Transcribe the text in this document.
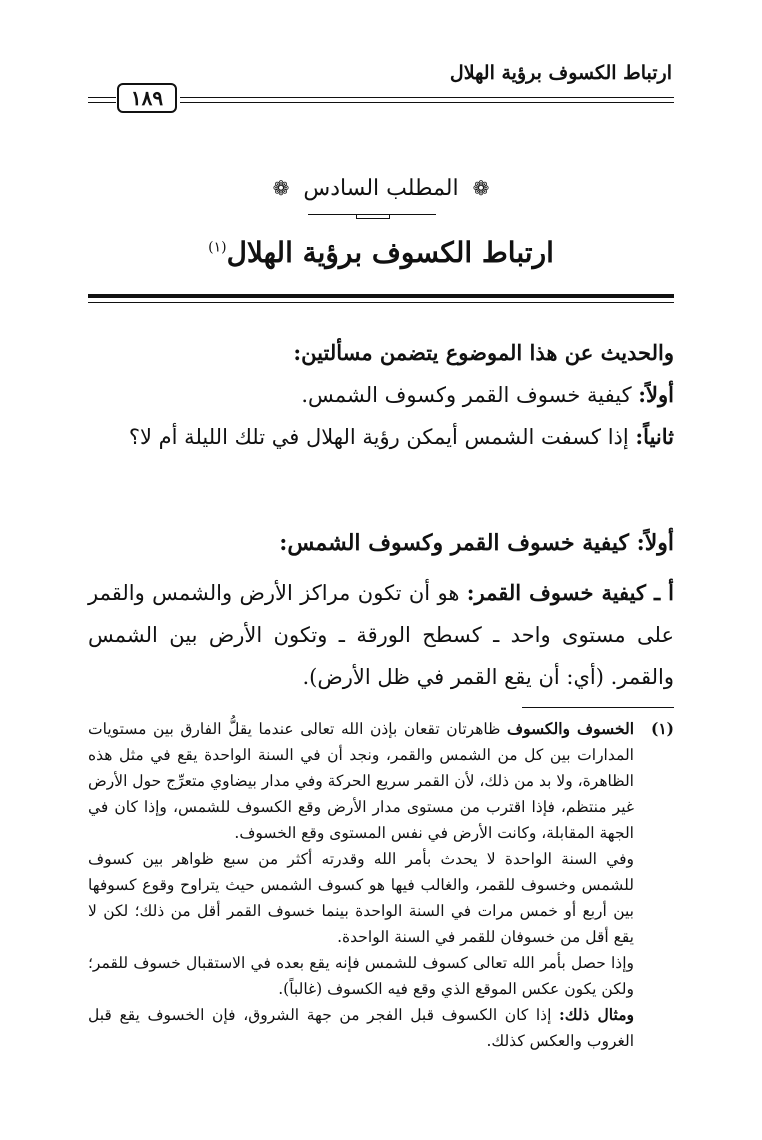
ارتباط الكسوف برؤية الهلال
١٨٩
❁المطلب السادس❁
ارتباط الكسوف برؤية الهلال$^{(١)}$
والحديث عن هذا الموضوع يتضمن مسألتين:
أولاً: كيفية خسوف القمر وكسوف الشمس.
ثانياً: إذا كسفت الشمس أيمكن رؤية الهلال في تلك الليلة أم لا؟
أولاً: كيفية خسوف القمر وكسوف الشمس:
أ ـ كيفية خسوف القمر: هو أن تكون مراكز الأرض والشمس والقمر على مستوى واحد ـ كسطح الورقة ـ وتكون الأرض بين الشمس والقمر. (أي: أن يقع القمر في ظل الأرض).
(١)

الخسوف والكسوف ظاهرتان تقعان بإذن الله تعالى عندما يقلُّ الفارق بين مستويات المدارات بين كل من الشمس والقمر، ونجد أن في السنة الواحدة يقع في مثل هذه الظاهرة، ولا بد من ذلك، لأن القمر سريع الحركة وفي مدار بيضاوي متعرِّج حول الأرض غير منتظم، فإذا اقترب من مستوى مدار الأرض وقع الكسوف للشمس، وإذا كان في الجهة المقابلة، وكانت الأرض في نفس المستوى وقع الخسوف.

وفي السنة الواحدة لا يحدث بأمر الله وقدرته أكثر من سبع ظواهر بين كسوف للشمس وخسوف للقمر، والغالب فيها هو كسوف الشمس حيث يتراوح وقوع كسوفها بين أربع أو خمس مرات في السنة الواحدة بينما خسوف القمر أقل من ذلك؛ لكن لا يقع أقل من خسوفان للقمر في السنة الواحدة.

وإذا حصل بأمر الله تعالى كسوف للشمس فإنه يقع بعده في الاستقبال خسوف للقمر؛ ولكن يكون عكس الموقع الذي وقع فيه الكسوف (غالباً).

ومثال ذلك: إذا كان الكسوف قبل الفجر من جهة الشروق، فإن الخسوف يقع قبل الغروب والعكس كذلك.
